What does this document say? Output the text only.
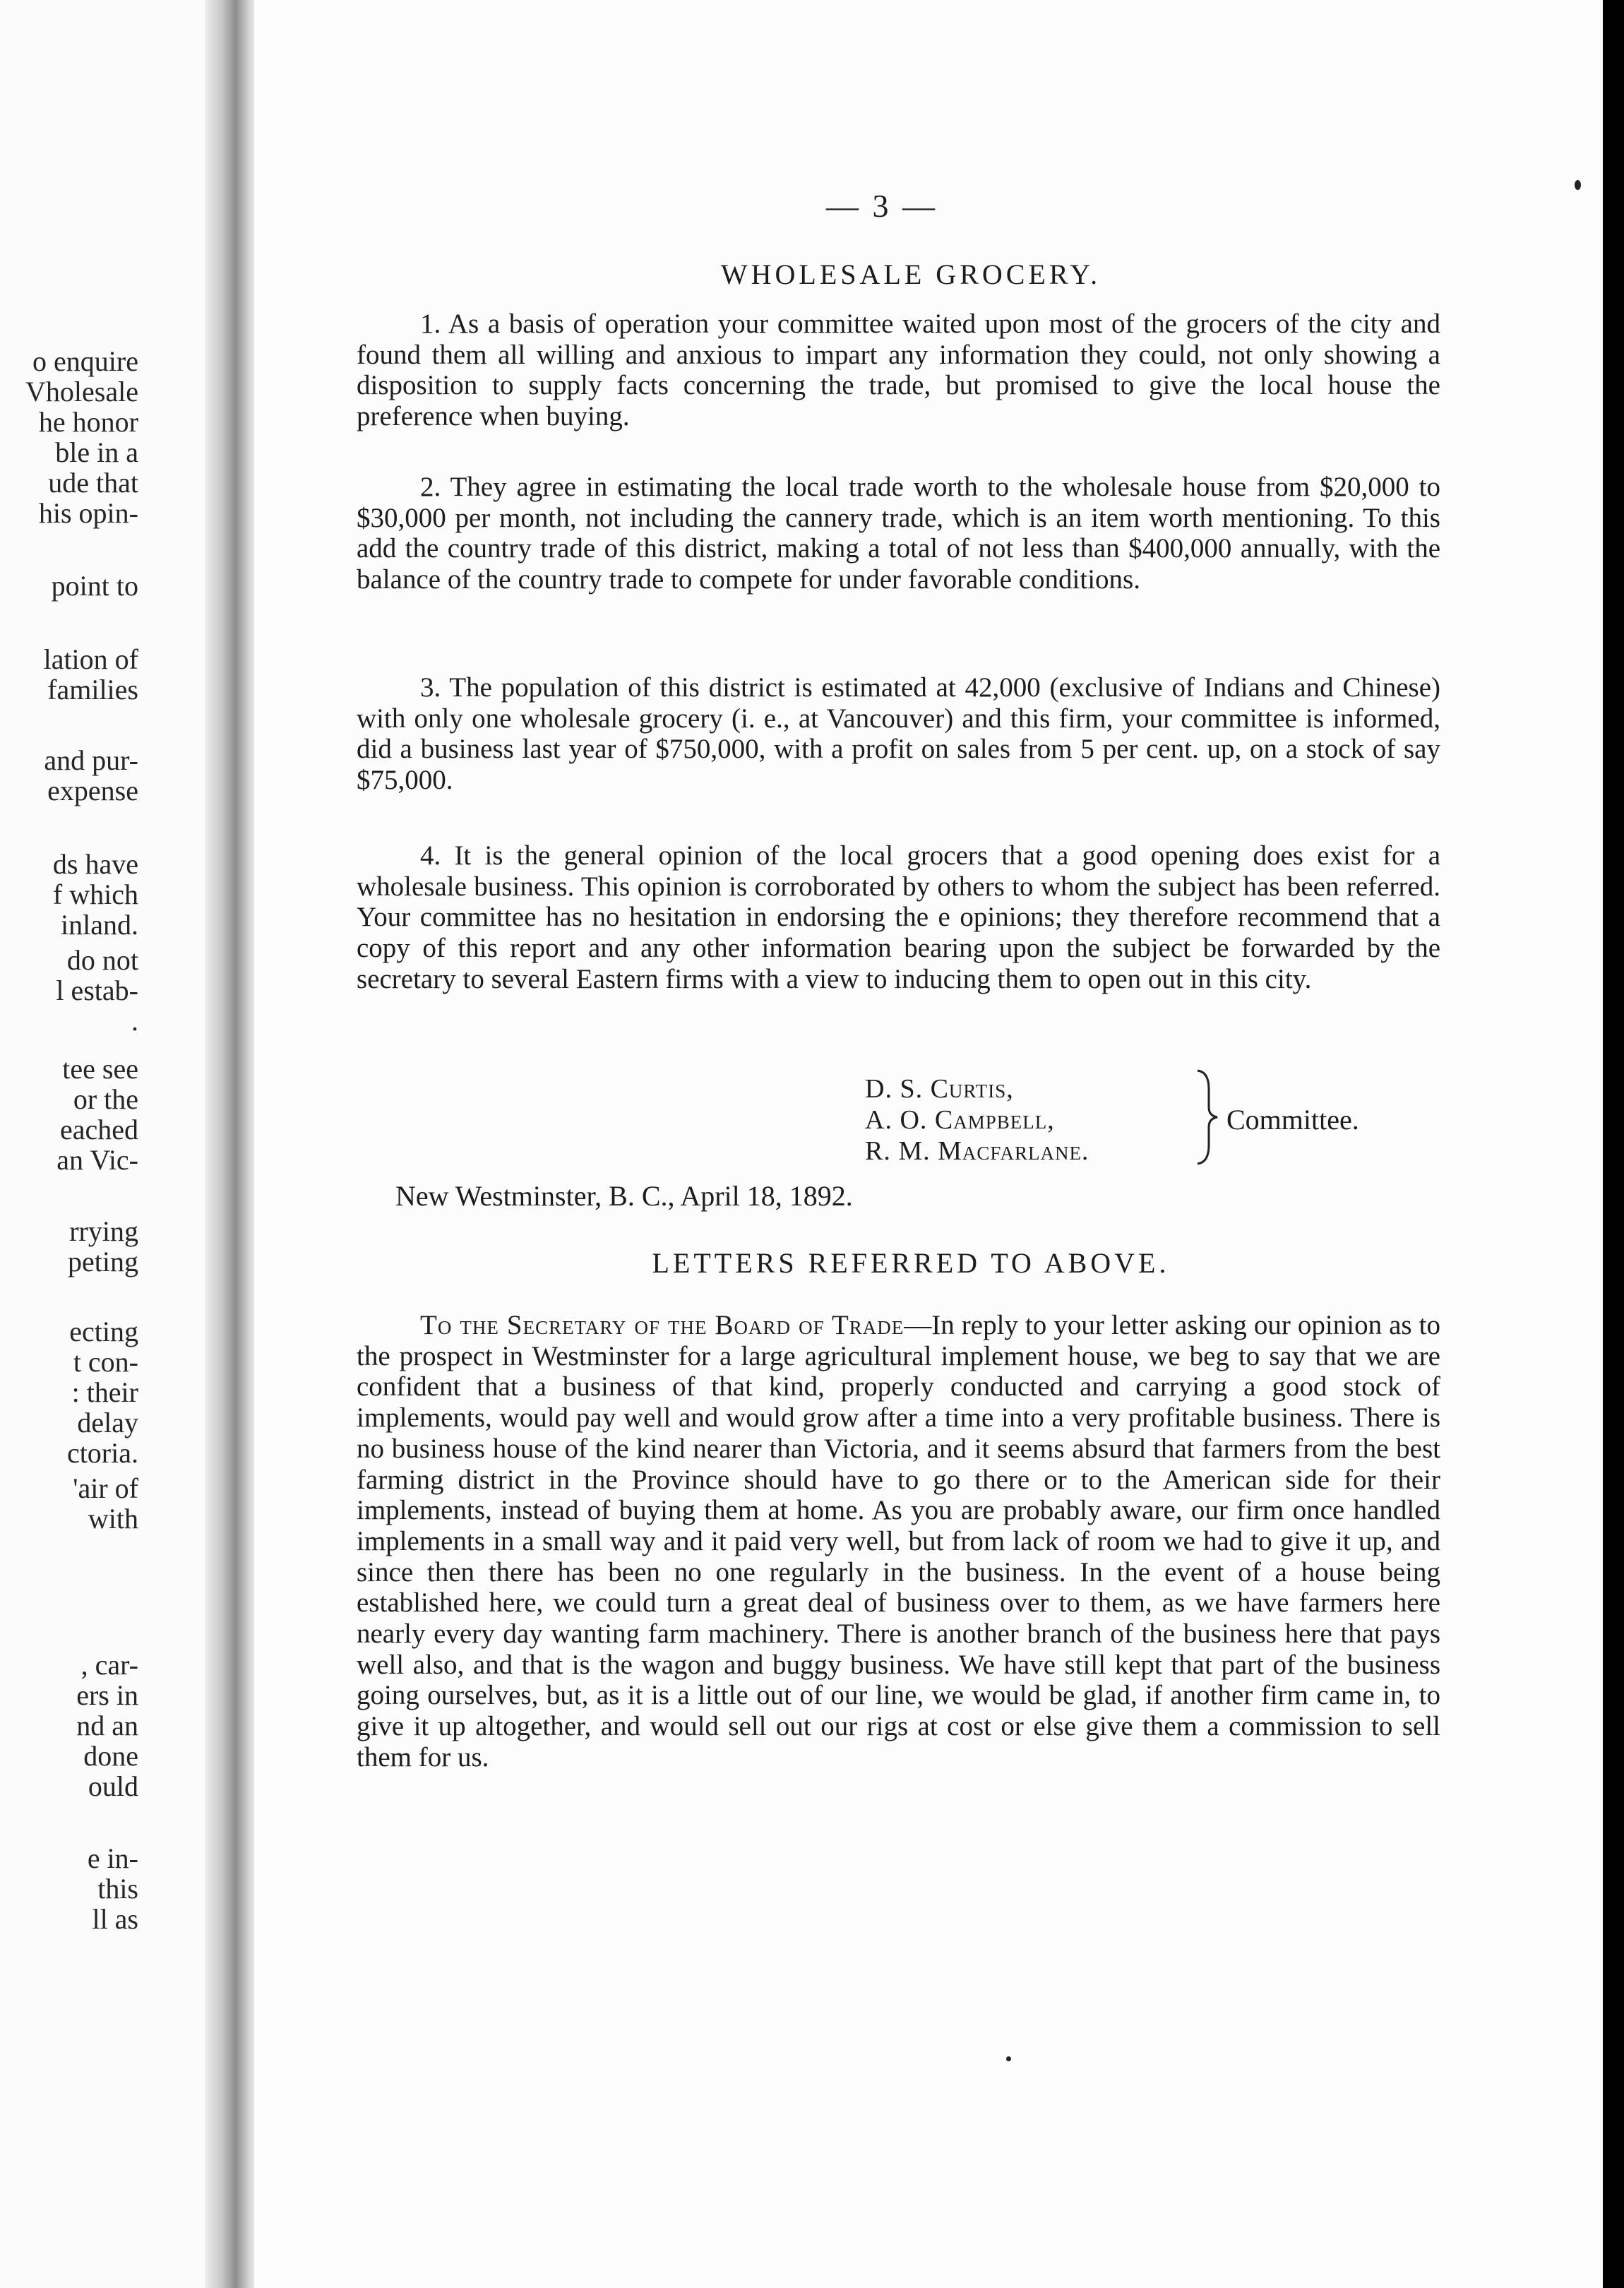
o enquire
Vholesale
he honor
ble in a
ude that
his opin-
point to
lation of
families
and pur-
expense
ds have
f which
inland.
do not
l estab-
.
tee see
or the
eached
an Vic-
rrying
peting
ecting
t con-
: their
delay
ctoria.
'air of
with
, car-
ers in
nd an
done
ould
e in-
this
ll as
— 3 —
WHOLESALE GROCERY.

1. As a basis of operation your committee waited upon most of the grocers of the city and found them all willing and anxious to impart any information they could, not only showing a disposition to supply facts concerning the trade, but promised to give the local house the preference when buying.

2. They agree in estimating the local trade worth to the wholesale house from $20,000 to $30,000 per month, not including the cannery trade, which is an item worth mentioning. To this add the country trade of this district, making a total of not less than $400,000 annually, with the balance of the country trade to compete for under favorable conditions.

3. The population of this district is estimated at 42,000 (exclusive of Indians and Chinese) with only one wholesale grocery (i. e., at Vancouver) and this firm, your committee is informed, did a business last year of $750,000, with a profit on sales from 5 per cent. up, on a stock of say $75,000.

4. It is the general opinion of the local grocers that a good opening does exist for a wholesale business. This opinion is corroborated by others to whom the subject has been referred. Your committee has no hesitation in endorsing the e opinions; they therefore recommend that a copy of this report and any other information bearing upon the subject be forwarded by the secretary to several Eastern firms with a view to inducing them to open out in this city.

D. S. Curtis,
A. O. Campbell,
R. M. Macfarlane.
Committee.
New Westminster, B. C., April 18, 1892.
LETTERS REFERRED TO ABOVE.

To the Secretary of the Board of Trade—In reply to your letter asking our opinion as to the prospect in Westminster for a large agricultural implement house, we beg to say that we are confident that a business of that kind, properly conducted and carrying a good stock of implements, would pay well and would grow after a time into a very profitable business. There is no business house of the kind nearer than Victoria, and it seems absurd that farmers from the best farming district in the Province should have to go there or to the American side for their implements, instead of buying them at home. As you are probably aware, our firm once handled implements in a small way and it paid very well, but from lack of room we had to give it up, and since then there has been no one regularly in the business. In the event of a house being established here, we could turn a great deal of business over to them, as we have farmers here nearly every day wanting farm machinery. There is another branch of the business here that pays well also, and that is the wagon and buggy business. We have still kept that part of the business going ourselves, but, as it is a little out of our line, we would be glad, if another firm came in, to give it up altogether, and would sell out our rigs at cost or else give them a commission to sell them for us.
